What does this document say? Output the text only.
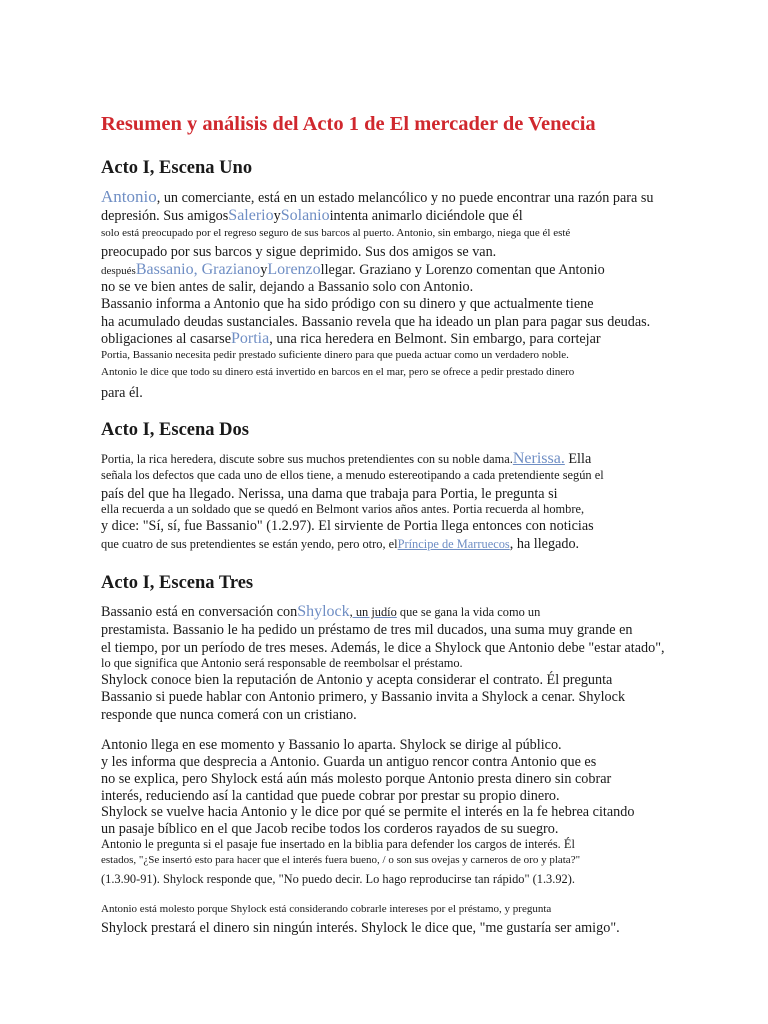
Resumen y análisis del Acto 1 de El mercader de Venecia
Acto I, Escena Uno
Antonio, un comerciante, está en un estado melancólico y no puede encontrar una razón para su
depresión. Sus amigosSalerioySolaniointenta animarlo diciéndole que él
solo está preocupado por el regreso seguro de sus barcos al puerto. Antonio, sin embargo, niega que él esté
preocupado por sus barcos y sigue deprimido. Sus dos amigos se van.
despuésBassanio, GrazianoyLorenzollegar. Graziano y Lorenzo comentan que Antonio
no se ve bien antes de salir, dejando a Bassanio solo con Antonio.
Bassanio informa a Antonio que ha sido pródigo con su dinero y que actualmente tiene
ha acumulado deudas sustanciales. Bassanio revela que ha ideado un plan para pagar sus deudas.
obligaciones al casarsePortia, una rica heredera en Belmont. Sin embargo, para cortejar
Portia, Bassanio necesita pedir prestado suficiente dinero para que pueda actuar como un verdadero noble.
Antonio le dice que todo su dinero está invertido en barcos en el mar, pero se ofrece a pedir prestado dinero
para él.
Acto I, Escena Dos
Portia, la rica heredera, discute sobre sus muchos pretendientes con su noble dama.Nerissa. Ella
señala los defectos que cada uno de ellos tiene, a menudo estereotipando a cada pretendiente según el
país del que ha llegado. Nerissa, una dama que trabaja para Portia, le pregunta si
ella recuerda a un soldado que se quedó en Belmont varios años antes. Portia recuerda al hombre,
y dice: "Sí, sí, fue Bassanio" (1.2.97). El sirviente de Portia llega entonces con noticias
que cuatro de sus pretendientes se están yendo, pero otro, elPríncipe de Marruecos, ha llegado.
Acto I, Escena Tres
Bassanio está en conversación conShylock, un judío que se gana la vida como un
prestamista. Bassanio le ha pedido un préstamo de tres mil ducados, una suma muy grande en
el tiempo, por un período de tres meses. Además, le dice a Shylock que Antonio debe "estar atado",
lo que significa que Antonio será responsable de reembolsar el préstamo.
Shylock conoce bien la reputación de Antonio y acepta considerar el contrato. Él pregunta
Bassanio si puede hablar con Antonio primero, y Bassanio invita a Shylock a cenar. Shylock
responde que nunca comerá con un cristiano.
Antonio llega en ese momento y Bassanio lo aparta. Shylock se dirige al público.
y les informa que desprecia a Antonio. Guarda un antiguo rencor contra Antonio que es
no se explica, pero Shylock está aún más molesto porque Antonio presta dinero sin cobrar
interés, reduciendo así la cantidad que puede cobrar por prestar su propio dinero.
Shylock se vuelve hacia Antonio y le dice por qué se permite el interés en la fe hebrea citando
un pasaje bíblico en el que Jacob recibe todos los corderos rayados de su suegro.
Antonio le pregunta si el pasaje fue insertado en la biblia para defender los cargos de interés. Él
estados, "¿Se insertó esto para hacer que el interés fuera bueno, / o son sus ovejas y carneros de oro y plata?"
(1.3.90-91). Shylock responde que, "No puedo decir. Lo hago reproducirse tan rápido" (1.3.92).
Antonio está molesto porque Shylock está considerando cobrarle intereses por el préstamo, y pregunta
Shylock prestará el dinero sin ningún interés. Shylock le dice que, "me gustaría ser amigo".
